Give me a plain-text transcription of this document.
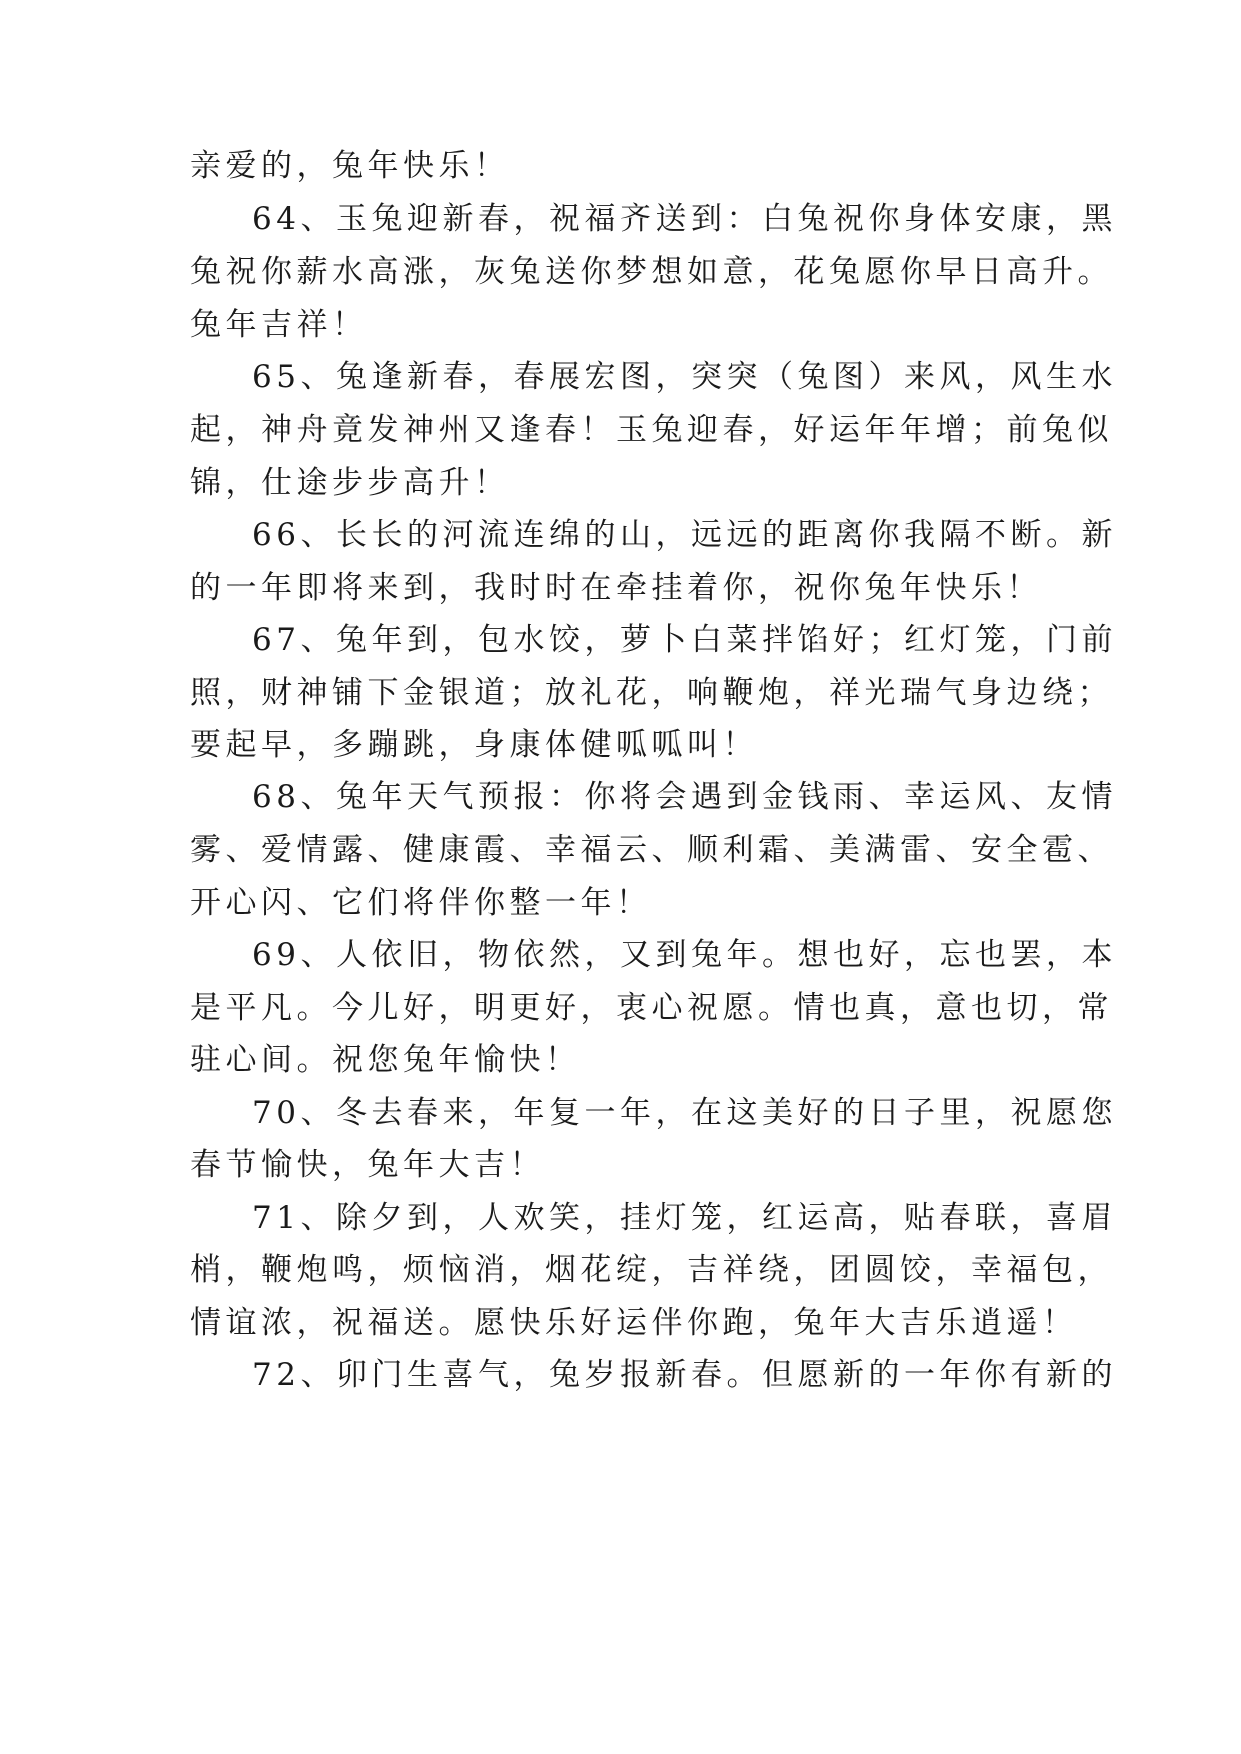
亲爱的，兔年快乐！
64、玉兔迎新春，祝福齐送到：白兔祝你身体安康，黑
兔祝你薪水高涨，灰兔送你梦想如意，花兔愿你早日高升。
兔年吉祥！
65、兔逢新春，春展宏图，突突（兔图）来风，风生水
起，神舟竟发神州又逢春！玉兔迎春，好运年年增；前兔似
锦，仕途步步高升！
66、长长的河流连绵的山，远远的距离你我隔不断。新
的一年即将来到，我时时在牵挂着你，祝你兔年快乐！
67、兔年到，包水饺，萝卜白菜拌馅好；红灯笼，门前
照，财神铺下金银道；放礼花，响鞭炮，祥光瑞气身边绕；
要起早，多蹦跳，身康体健呱呱叫！
68、兔年天气预报：你将会遇到金钱雨、幸运风、友情
雾、爱情露、健康霞、幸福云、顺利霜、美满雷、安全雹、
开心闪、它们将伴你整一年！
69、人依旧，物依然，又到兔年。想也好，忘也罢，本
是平凡。今儿好，明更好，衷心祝愿。情也真，意也切，常
驻心间。祝您兔年愉快！
70、冬去春来，年复一年，在这美好的日子里，祝愿您
春节愉快，兔年大吉！
71、除夕到，人欢笑，挂灯笼，红运高，贴春联，喜眉
梢，鞭炮鸣，烦恼消，烟花绽，吉祥绕，团圆饺，幸福包，
情谊浓，祝福送。愿快乐好运伴你跑，兔年大吉乐逍遥！
72、卯门生喜气，兔岁报新春。但愿新的一年你有新的
